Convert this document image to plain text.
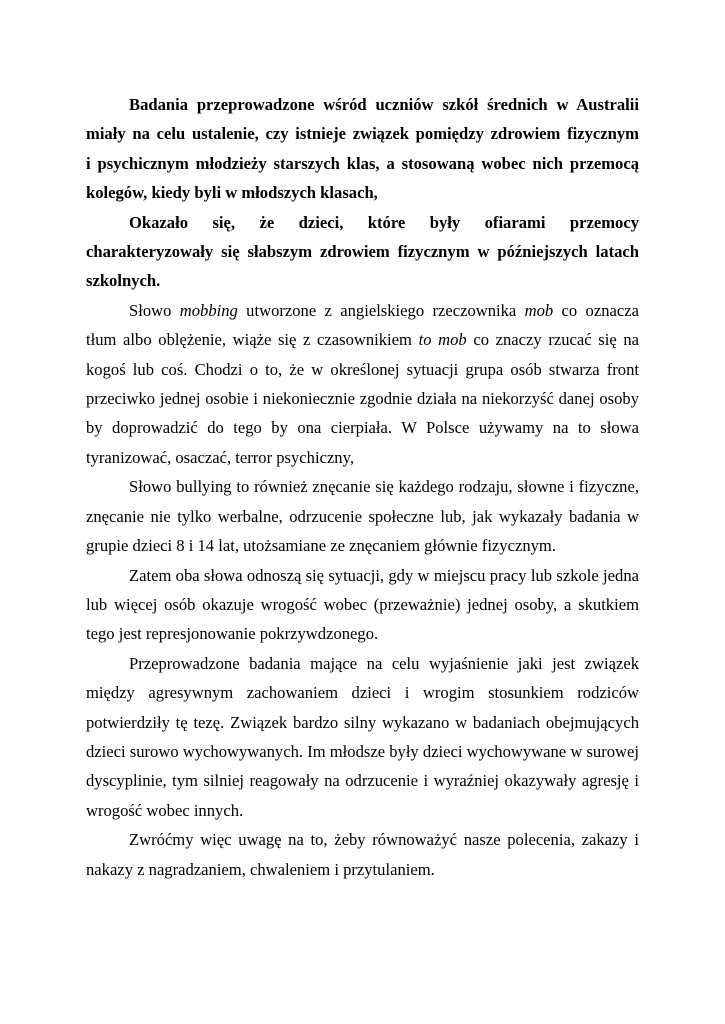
Badania przeprowadzone wśród uczniów szkół średnich w Australii
miały na celu ustalenie, czy istnieje związek pomiędzy zdrowiem fizycznym
i psychicznym młodzieży starszych klas, a stosowaną wobec nich przemocą
kolegów, kiedy byli w młodszych klasach,

Okazało się, że dzieci, które były ofiarami przemocy
charakteryzowały się słabszym zdrowiem fizycznym w późniejszych latach
szkolnych.

Słowo mobbing utworzone z angielskiego rzeczownika mob co oznacza tłum albo oblężenie, wiąże się z czasownikiem to mob co znaczy rzucać się na kogoś lub coś. Chodzi o to, że w określonej sytuacji grupa osób stwarza front przeciwko jednej osobie i niekoniecznie zgodnie działa na niekorzyść danej osoby by doprowadzić do tego by ona cierpiała. W Polsce używamy na to słowa tyranizować, osaczać, terror psychiczny,

Słowo bullying to również znęcanie się każdego rodzaju, słowne i fizyczne, znęcanie nie tylko werbalne, odrzucenie społeczne lub, jak wykazały badania w grupie dzieci 8 i 14 lat, utożsamiane ze znęcaniem głównie fizycznym.

Zatem oba słowa odnoszą się sytuacji, gdy w miejscu pracy lub szkole jedna lub więcej osób okazuje wrogość wobec (przeważnie) jednej osoby, a skutkiem tego jest represjonowanie pokrzywdzonego.

Przeprowadzone badania mające na celu wyjaśnienie jaki jest związek między agresywnym zachowaniem dzieci i wrogim stosunkiem rodziców potwierdziły tę tezę. Związek bardzo silny wykazano w badaniach obejmujących dzieci surowo wychowywanych. Im młodsze były dzieci wychowywane w surowej dyscyplinie, tym silniej reagowały na odrzucenie i wyraźniej okazywały agresję i wrogość wobec innych.

Zwróćmy więc uwagę na to, żeby równoważyć nasze polecenia, zakazy i nakazy z nagradzaniem, chwaleniem i przytulaniem.
